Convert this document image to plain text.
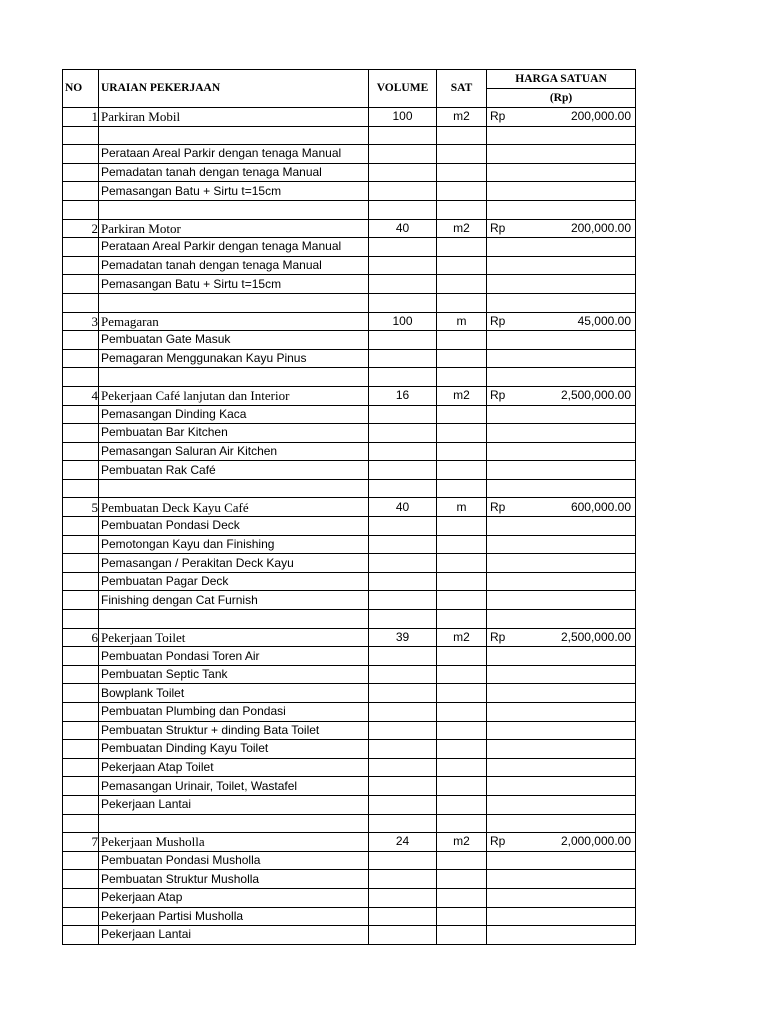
NO	URAIAN PEKERJAAN	VOLUME	SAT	HARGA SATUAN	
				(Rp)	
1	Parkiran Mobil	100	m2	Rp	200,000.00

	Perataan Areal Parkir dengan tenaga Manual				
	Pemadatan tanah dengan tenaga Manual				
	Pemasangan Batu + Sirtu t=15cm				

2	Parkiran Motor	40	m2	Rp	200,000.00
	Perataan Areal Parkir dengan tenaga Manual				
	Pemadatan tanah dengan tenaga Manual				
	Pemasangan Batu + Sirtu t=15cm				

3	Pemagaran	100	m	Rp	45,000.00
	Pembuatan Gate Masuk				
	Pemagaran Menggunakan Kayu Pinus				

4	Pekerjaan Café lanjutan dan Interior	16	m2	Rp	2,500,000.00
	Pemasangan Dinding Kaca				
	Pembuatan Bar Kitchen				
	Pemasangan Saluran Air Kitchen				
	Pembuatan Rak Café				

5	Pembuatan Deck Kayu Café	40	m	Rp	600,000.00
	Pembuatan Pondasi Deck				
	Pemotongan Kayu dan Finishing				
	Pemasangan / Perakitan Deck Kayu				
	Pembuatan Pagar Deck				
	Finishing dengan Cat Furnish				

6	Pekerjaan Toilet	39	m2	Rp	2,500,000.00
	Pembuatan Pondasi Toren Air				
	Pembuatan Septic Tank				
	Bowplank Toilet				
	Pembuatan Plumbing dan Pondasi				
	Pembuatan Struktur + dinding Bata Toilet				
	Pembuatan Dinding Kayu Toilet				
	Pekerjaan Atap Toilet				
	Pemasangan Urinair, Toilet, Wastafel				
	Pekerjaan Lantai				

7	Pekerjaan Musholla	24	m2	Rp	2,000,000.00
	Pembuatan Pondasi Musholla				
	Pembuatan Struktur Musholla				
	Pekerjaan Atap				
	Pekerjaan Partisi Musholla				
	Pekerjaan Lantai				
